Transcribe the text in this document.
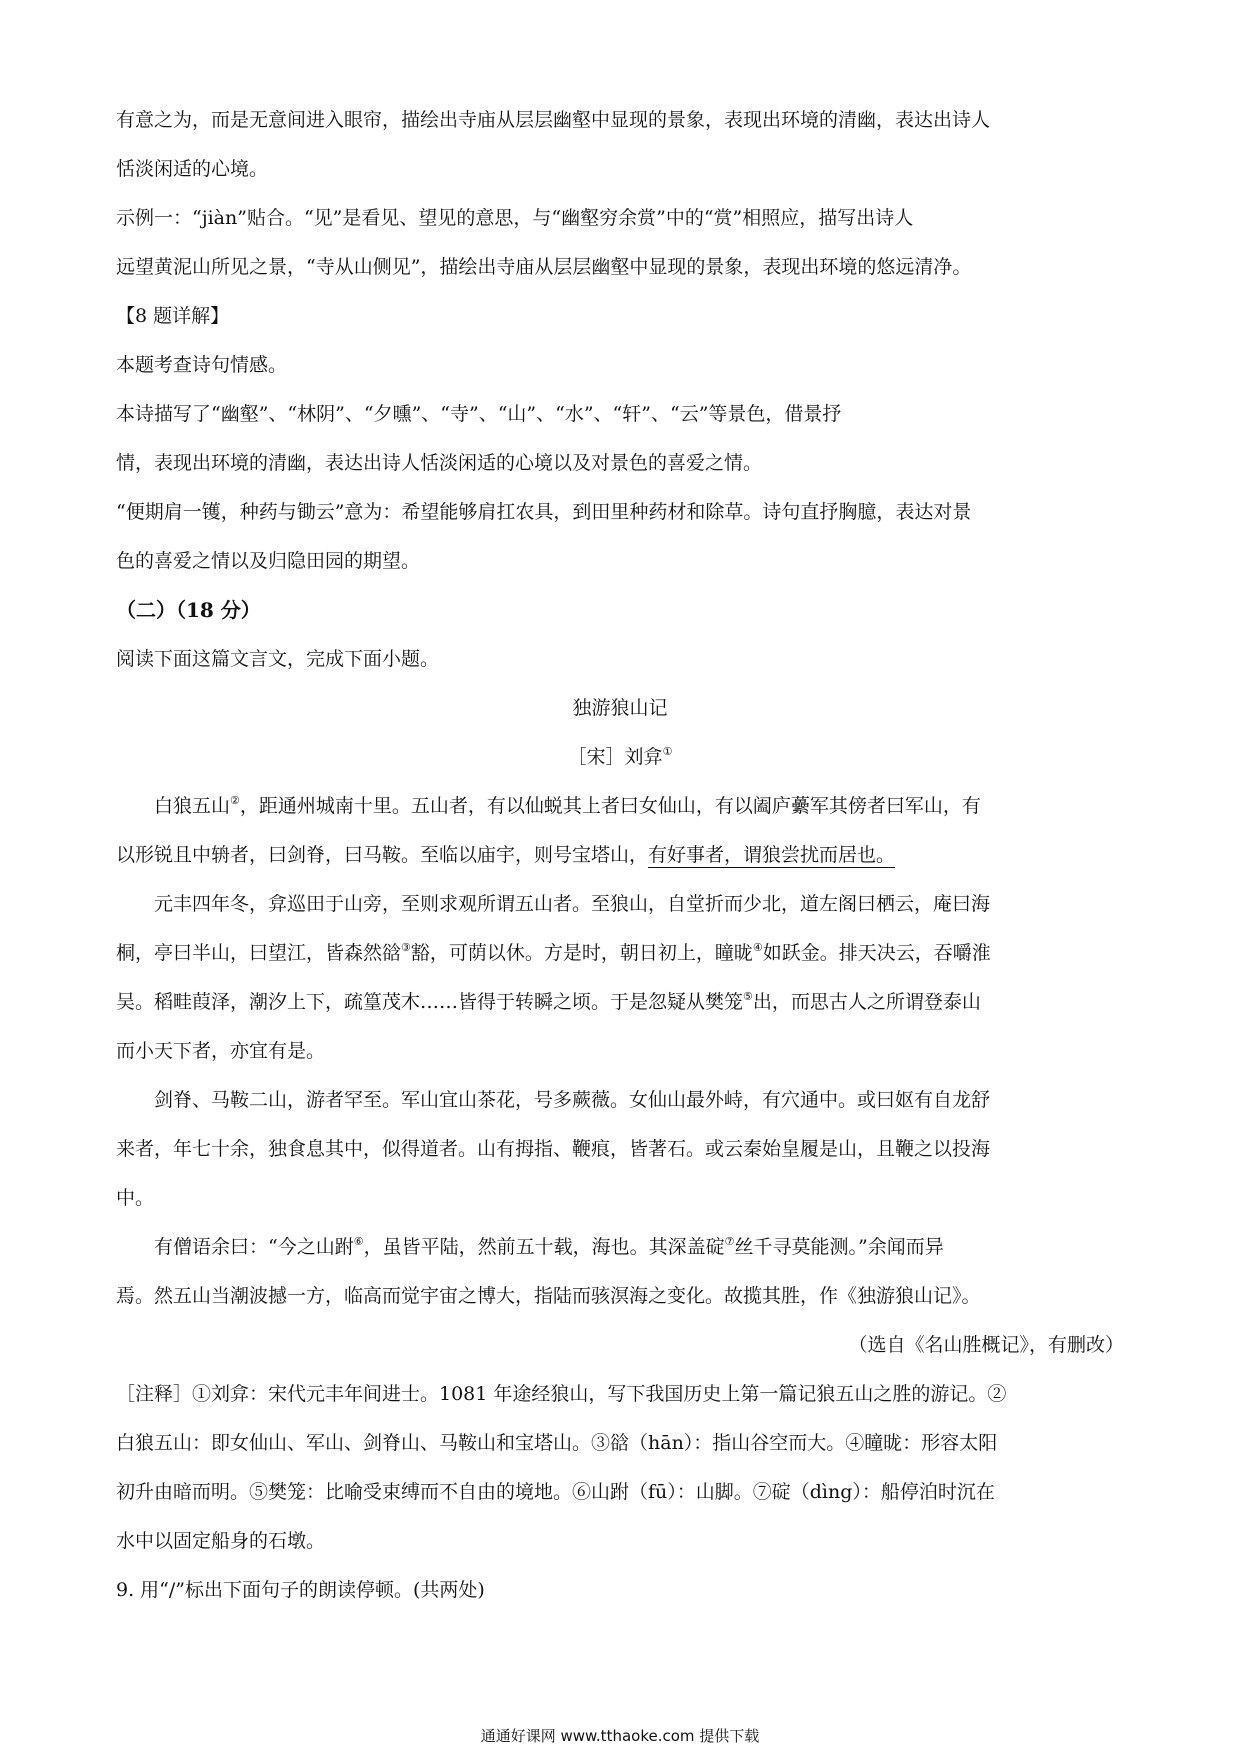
有意之为，而是无意间进入眼帘，描绘出寺庙从层层幽壑中显现的景象，表现出环境的清幽，表达出诗人

恬淡闲适的心境。

示例一：“jiàn”贴合。“见”是看见、望见的意思，与“幽壑穷余赏”中的“赏”相照应，描写出诗人

远望黄泥山所见之景，“寺从山侧见”，描绘出寺庙从层层幽壑中显现的景象，表现出环境的悠远清净。

【8 题详解】

本题考查诗句情感。

本诗描写了“幽壑”、“林阴”、“夕曛”、“寺”、“山”、“水”、“轩”、“云”等景色，借景抒

情，表现出环境的清幽，表达出诗人恬淡闲适的心境以及对景色的喜爱之情。

“便期肩一镬，种药与锄云”意为：希望能够肩扛农具，到田里种药材和除草。诗句直抒胸臆，表达对景

色的喜爱之情以及归隐田园的期望。

（二）（18 分）

阅读下面这篇文言文，完成下面小题。

独游狼山记

［宋］刘弇①

白狼五山②，距通州城南十里。五山者，有以仙蜕其上者曰女仙山，有以阖庐虆军其傍者曰军山，有

以形锐且中辀者，曰剑脊，曰马鞍。至临以庙宇，则号宝塔山，有好事者，谓狼尝扰而居也。

元丰四年冬，弇巡田于山旁，至则求观所谓五山者。至狼山，自堂折而少北，道左阁曰栖云，庵曰海

桐，亭曰半山，曰望江，皆森然谽③豁，可荫以休。方是时，朝日初上，瞳昽④如跃金。排天决云，吞嚼淮

吴。稻畦葭泽，潮汐上下，疏篁茂木……皆得于转瞬之顷。于是忽疑从樊笼⑤出，而思古人之所谓登泰山

而小天下者，亦宜有是。

剑脊、马鞍二山，游者罕至。军山宜山茶花，号多蕨薇。女仙山最外峙，有穴通中。或曰妪有自龙舒

来者，年七十余，独食息其中，似得道者。山有拇指、鞭痕，皆著石。或云秦始皇履是山，且鞭之以投海

中。

有僧语余曰：“今之山跗⑥，虽皆平陆，然前五十载，海也。其深盖碇⑦丝千寻莫能测。”余闻而异

焉。然五山当潮波撼一方，临高而觉宇宙之博大，指陆而骇溟海之变化。故揽其胜，作《独游狼山记》。

（选自《名山胜概记》，有删改）

［注释］①刘弇：宋代元丰年间进士。1081 年途经狼山，写下我国历史上第一篇记狼五山之胜的游记。②

白狼五山：即女仙山、军山、剑脊山、马鞍山和宝塔山。③谽（hān）：指山谷空而大。④瞳昽：形容太阳

初升由暗而明。⑤樊笼：比喻受束缚而不自由的境地。⑥山跗（fū）：山脚。⑦碇（dìng）：船停泊时沉在

水中以固定船身的石墩。

9. 用“/”标出下面句子的朗读停顿。(共两处)

通通好课网 www.tthaoke.com 提供下载
